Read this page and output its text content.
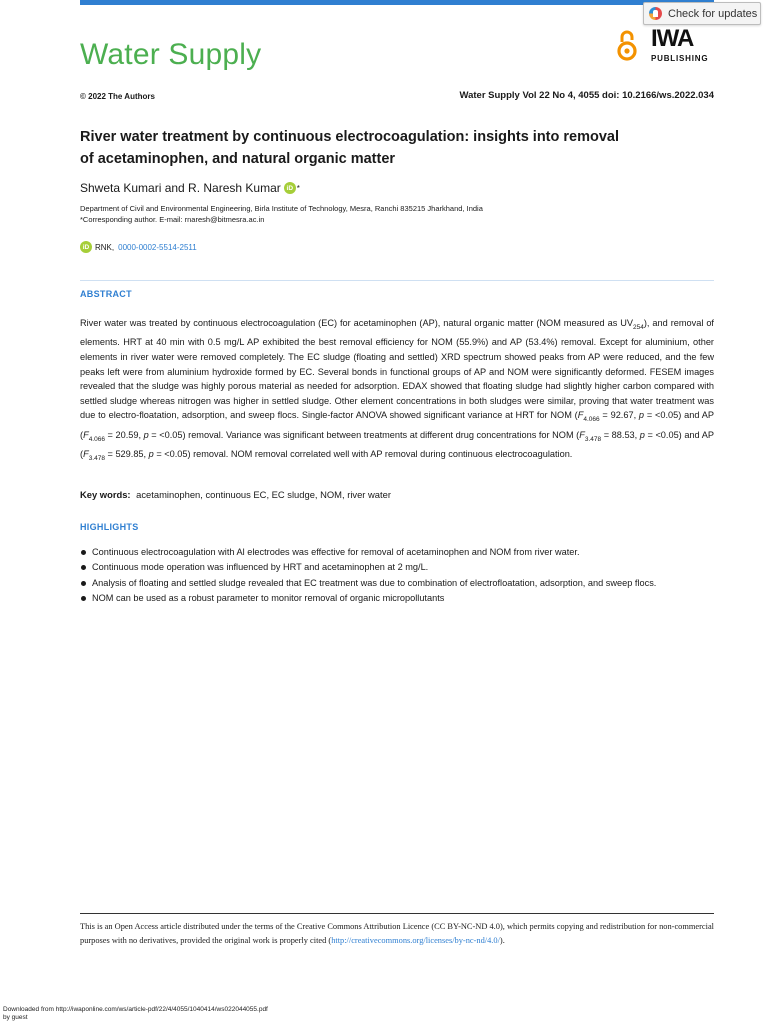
Check for updates
Water Supply	IWA
PUBLISHING
© 2022 The Authors	Water Supply Vol 22 No 4, 4055 doi: 10.2166/ws.2022.034
River water treatment by continuous electrocoagulation: insights into removal
of acetaminophen, and natural organic matter
Shweta Kumari and R. Naresh Kumar iD *
Department of Civil and Environmental Engineering, Birla Institute of Technology, Mesra, Ranchi 835215 Jharkhand, India
*Corresponding author. E-mail: rnaresh@bitmesra.ac.in
iD RNK, 0000-0002-5514-2511
ABSTRACT
River water was treated by continuous electrocoagulation (EC) for acetaminophen (AP), natural organic matter (NOM measured as $UV_{254}$), and removal of elements. HRT at 40 min with 0.5 mg/L AP exhibited the best removal efficiency for NOM (55.9%) and AP (53.4%) removal. Except for aluminium, other elements in river water were removed completely. The EC sludge (floating and settled) XRD spectrum showed peaks from AP were reduced, and the few peaks left were from aluminium hydroxide formed by EC. Several bonds in functional groups of AP and NOM were significantly deformed. FESEM images revealed that the sludge was highly porous material as needed for adsorption. EDAX showed that floating sludge had slightly higher carbon compared with settled sludge whereas nitrogen was higher in settled sludge. Other element concentrations in both sludges were similar, proving that water treatment was due to electro-floatation, adsorption, and sweep flocs. Single-factor ANOVA showed significant variance at HRT for NOM ($F_{4.066} = 92.67$, p = <0.05) and AP ($F_{4.066} = 20.59$, p = <0.05) removal. Variance was significant between treatments at different drug concentrations for NOM ($F_{3.478} = 88.53$, p = <0.05) and AP ($F_{3.478} = 529.85$, p = <0.05) removal. NOM removal correlated well with AP removal during continuous electrocoagulation.
Key words: acetaminophen, continuous EC, EC sludge, NOM, river water
HIGHLIGHTS
Continuous electrocoagulation with Al electrodes was effective for removal of acetaminophen and NOM from river water.
Continuous mode operation was influenced by HRT and acetaminophen at 2 mg/L.
Analysis of floating and settled sludge revealed that EC treatment was due to combination of electrofloatation, adsorption, and sweep flocs.
NOM can be used as a robust parameter to monitor removal of organic micropollutants
This is an Open Access article distributed under the terms of the Creative Commons Attribution Licence (CC BY-NC-ND 4.0), which permits copying and redistribution for non-commercial purposes with no derivatives, provided the original work is properly cited (http://creativecommons.org/licenses/by-nc-nd/4.0/).
Downloaded from http://iwaponline.com/ws/article-pdf/22/4/4055/1040414/ws022044055.pdf
by guest
